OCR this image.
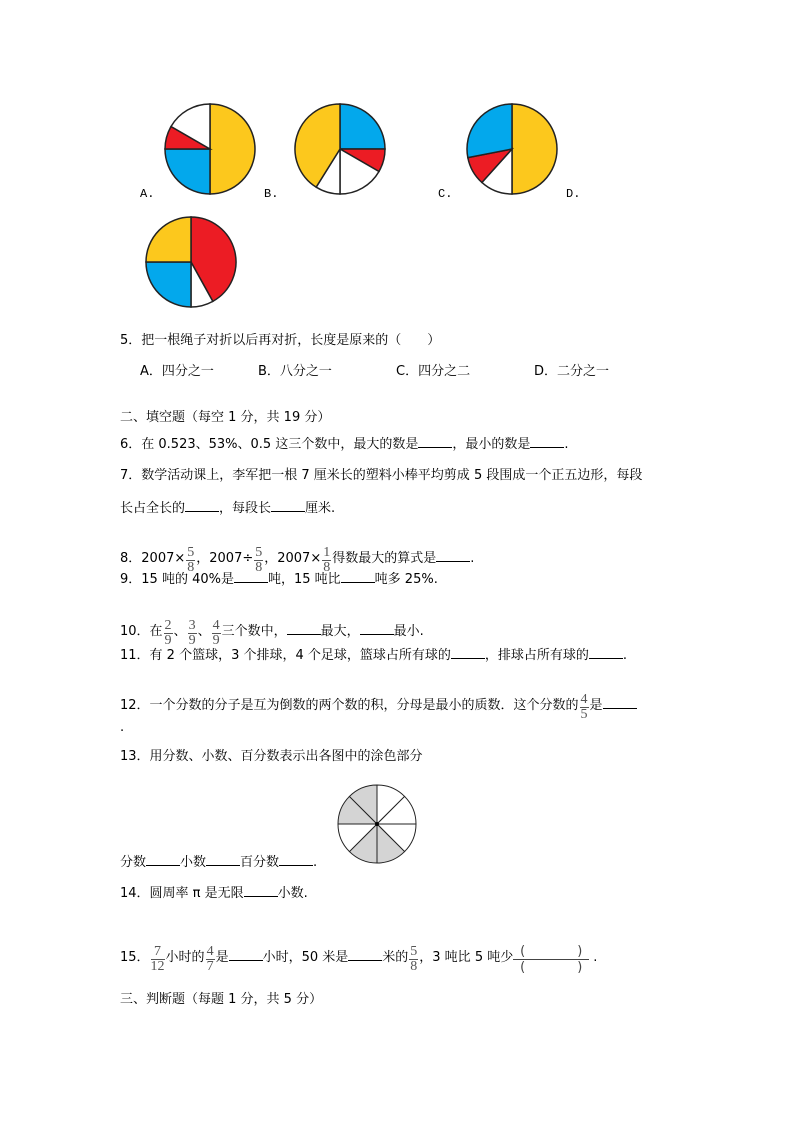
A.	B.	C.	D.
5．把一根绳子对折以后再对折，长度是原来的（　　）
A．四分之一	B．八分之一	C．四分之二	D．二分之一
二、填空题（每空 1 分，共 19 分）
6．在 0.523、53%、0.5 这三个数中，最大的数是	，最小的数是	.
7．数学活动课上，李军把一根 7 厘米长的塑料小棒平均剪成 5 段围成一个正五边形，每段
长占全长的	，每段长	厘米.
8．$2007\times \frac{5}{8}$ ，$2007\div \frac{5}{8}$ ，$2007\times \frac{1}{8}$ 得数最大的算式是	.
9．15 吨的 40%是	吨，15 吨比	吨多 25%.
10．在 $\frac{2}{9}$ 、 $\frac{3}{9}$ 、 $\frac{4}{9}$ 三个数中，	最大，	最小.
11．有 2 个篮球，3 个排球，4 个足球，篮球占所有球的	，排球占所有球的	.
12．一个分数的分子是互为倒数的两个数的积，分母是最小的质数．这个分数的 $\frac{4}{5}$ 是
.
13．用分数、小数、百分数表示出各图中的涂色部分
分数	小数	百分数	.
14．圆周率 π 是无限	小数.
15． $\frac{7}{12}$ 小时的 $\frac{4}{7}$ 是	小时，50 米是	米的 $\frac{5}{8}$ ，3 吨比 5 吨少 (　　　　)
(　　　　)
.
三、判断题（每题 1 分，共 5 分）
